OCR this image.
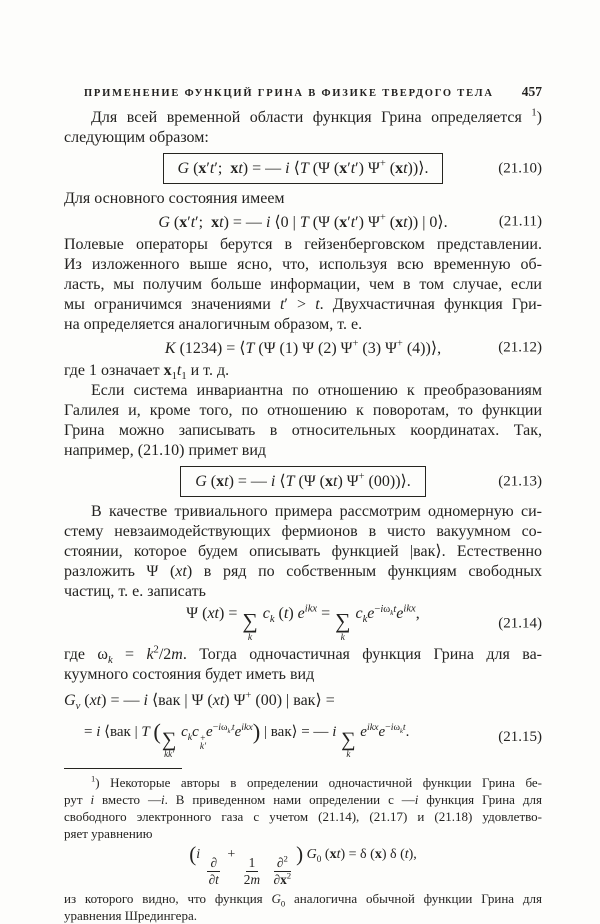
ПРИМЕНЕНИЕ ФУНКЦИЙ ГРИНА В ФИЗИКЕ ТВЕРДОГО ТЕЛА	457
Для всей временной области функция Грина определяется $^1$)
следующим образом:
G (x′t′;  xt) = — i ⟨T (Ψ (x′t′) Ψ+ (xt))⟩.	(21.10)
Для основного состояния имеем
G (x′t′;  xt) = — i ⟨0 | T (Ψ (x′t′) Ψ+ (xt)) | 0⟩.	(21.11)
Полевые операторы берутся в гейзенберговском представлении.
Из изложенного выше ясно, что, используя всю временную об-
ласть, мы получим больше информации, чем в том случае, если
мы ограничимся значениями t′ > t. Двухчастичная функция Гри-
на определяется аналогичным образом, т. е.
K (1234) = ⟨T (Ψ (1) Ψ (2) Ψ+ (3) Ψ+ (4))⟩,	(21.12)
где 1 означает $x_1t_1$ и т. д.
Если система инвариантна по отношению к преобразованиям
Галилея и, кроме того, по отношению к поворотам, то функции
Грина можно записывать в относительных координатах. Так,
например, (21.10) примет вид
G (xt) = — i ⟨T (Ψ (xt) Ψ+ (00))⟩.	(21.13)
В качестве тривиального примера рассмотрим одномерную си-
стему невзаимодействующих фермионов в чисто вакуумном со-
стоянии, которое будем описывать функцией |вак⟩. Естественно
разложить Ψ (xt) в ряд по собственным функциям свободных
частиц, т. е. записать
Ψ (xt) = ∑
k
$c_k$ (t) $e^{ikx}$ = ∑
k
$c_ke^{-i\omega_kt}e^{ikx}$,
(21.14)
где $\omega_k = k^2/2m$. Тогда одночастичная функция Грина для ва-
куумного состояния будет иметь вид
$G_v$ (xt) = — i ⟨вак | Ψ (xt) Ψ+ (00) | вак⟩ =
= i ⟨вак | T ( ∑
kk′
$c_kc$ +
k′
$e^{-i\omega_{k'}t}e^{ikx}$) | вак⟩ = — i ∑
k
$e^{ikx}e^{-i\omega_kt}$.	(21.15)
$^1$) Некоторые авторы в определении одночастичной функции Грина бе-
рут i вместо —i. В приведенном нами определении с —i функция Грина для
свободного электронного газа с учетом (21.14), (21.17) и (21.18) удовлетво-
ряет уравнению
(i
$\frac{\partial}{\partial t}$
+
$\frac{1}{2m}$
$\frac{\partial^2}{\partial x^2}$
) $G_0$ (xt) = δ (x) δ (t),
из которого видно, что функция $G_0$ аналогична обычной функции Грина для
уравнения Шредингера.
